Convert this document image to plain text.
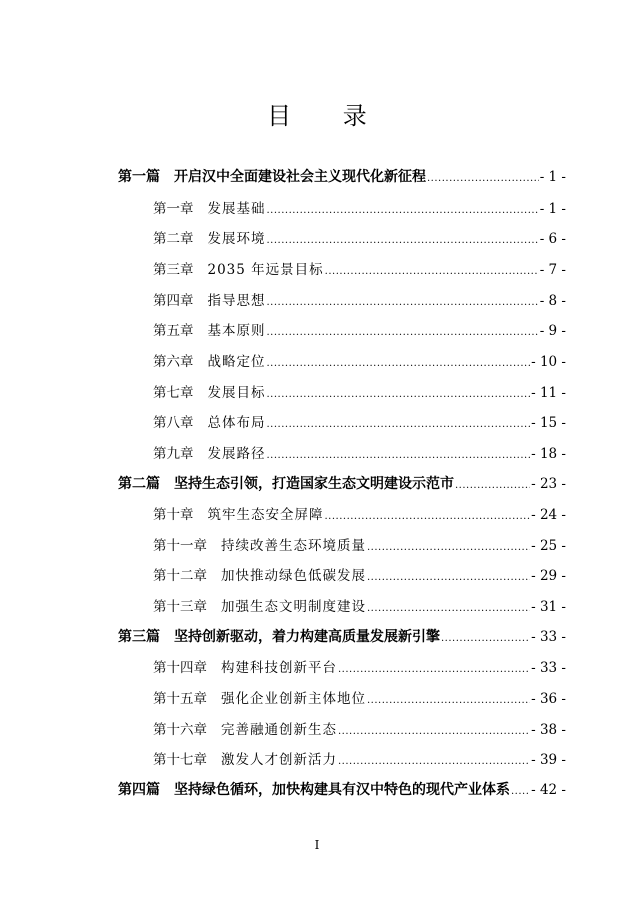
目 录
第一篇 开启汉中全面建设社会主义现代化新征程 .....	- 1 -
第一章 发展基础 .....	- 1 -
第二章 发展环境 .....	- 6 -
第三章 2035 年远景目标 .....	- 7 -
第四章 指导思想 .....	- 8 -
第五章 基本原则 .....	- 9 -
第六章 战略定位 .....	- 10 -
第七章 发展目标 .....	- 11 -
第八章 总体布局 .....	- 15 -
第九章 发展路径 .....	- 18 -
第二篇 坚持生态引领，打造国家生态文明建设示范市 .....	- 23 -
第十章 筑牢生态安全屏障 .....	- 24 -
第十一章 持续改善生态环境质量 .....	- 25 -
第十二章 加快推动绿色低碳发展 .....	- 29 -
第十三章 加强生态文明制度建设 .....	- 31 -
第三篇 坚持创新驱动，着力构建高质量发展新引擎 .....	- 33 -
第十四章 构建科技创新平台 .....	- 33 -
第十五章 强化企业创新主体地位 .....	- 36 -
第十六章 完善融通创新生态 .....	- 38 -
第十七章 激发人才创新活力 .....	- 39 -
第四篇 坚持绿色循环，加快构建具有汉中特色的现代产业体系 ..... - 42 -
I
